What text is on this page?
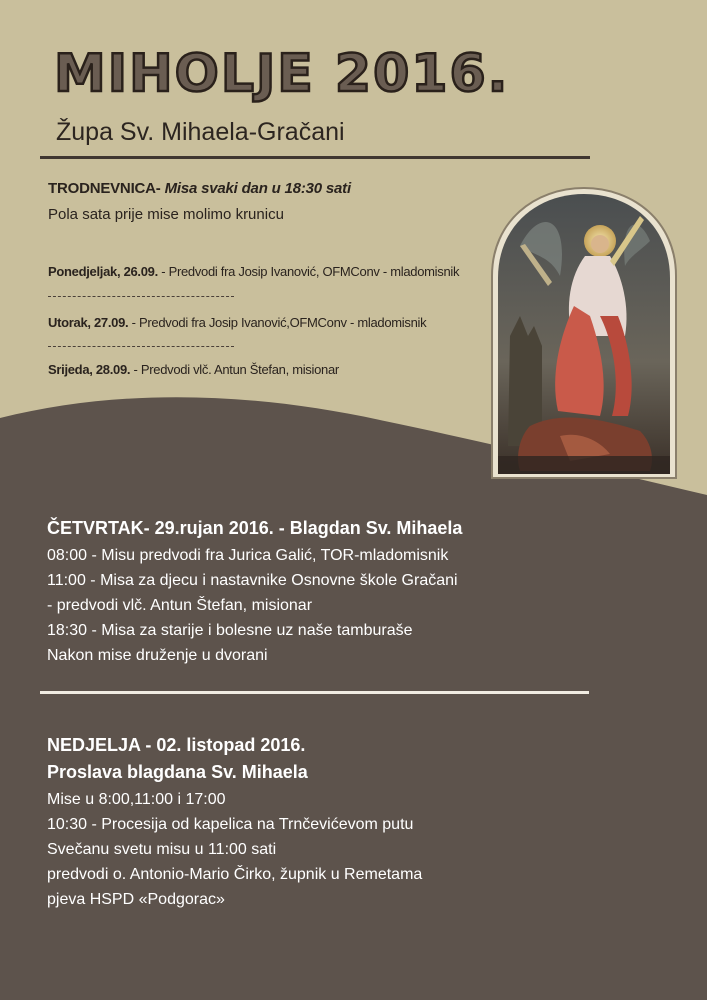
MIHOLJE 2016.
Župa Sv. Mihaela-Gračani
TRODNEVNICA- Misa svaki dan u 18:30 sati
Pola sata prije mise molimo krunicu
Ponedjeljak, 26.09. - Predvodi fra Josip Ivanović, OFMConv - mladomisnik
Utorak, 27.09. - Predvodi fra Josip Ivanović,OFMConv - mladomisnik
Srijeda, 28.09. - Predvodi vlč. Antun Štefan, misionar
ČETVRTAK- 29.rujan 2016. - Blagdan Sv. Mihaela
08:00 - Misu predvodi fra Jurica Galić, TOR-mladomisnik
11:00 - Misa za djecu i nastavnike Osnovne škole Gračani
- predvodi vlč. Antun Štefan, misionar
18:30 - Misa za starije i bolesne uz naše tamburaše
Nakon mise druženje u dvorani
NEDJELJA - 02. listopad 2016.
Proslava blagdana Sv. Mihaela
Mise u 8:00,11:00 i 17:00
10:30 - Procesija od kapelica na Trnčevićevom putu
Svečanu svetu misu u 11:00 sati
predvodi o. Antonio-Mario Čirko, župnik u Remetama
pjeva HSPD «Podgorac»
